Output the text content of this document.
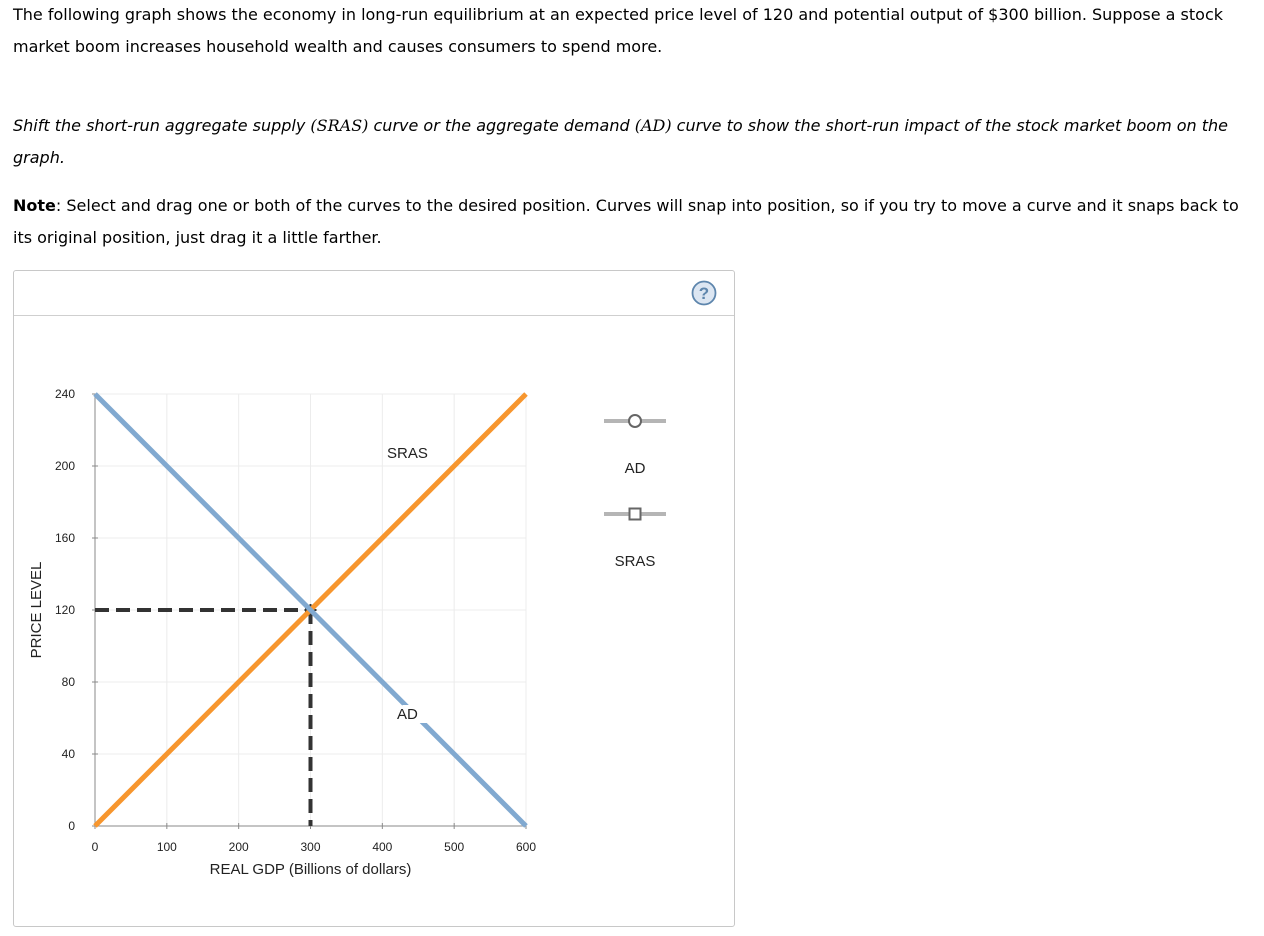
The following graph shows the economy in long-run equilibrium at an expected price level of 120 and potential output of $300 billion. Suppose a stock market boom increases household wealth and causes consumers to spend more.

Shift the short-run aggregate supply (SRAS) curve or the aggregate demand (AD) curve to show the short-run impact of the stock market boom on the graph.

Note: Select and drag one or both of the curves to the desired position. Curves will snap into position, so if you try to move a curve and it snaps back to its original position, just drag it a little farther.

?
0
40
80
120
160
200
240
0	100	200	300	400	500	600
REAL GDP (Billions of dollars)
PRICE LEVEL
SRAS
AD
AD
SRAS
